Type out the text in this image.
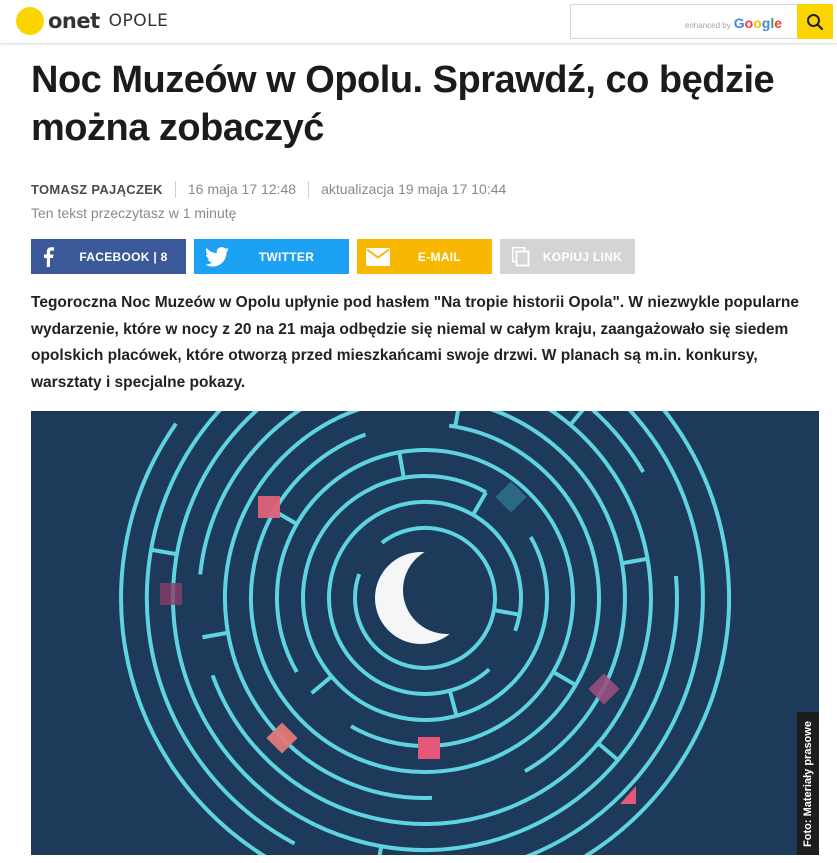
onet OPOLE	enhanced by Google
Noc Muzeów w Opolu. Sprawdź, co będzie można zobaczyć
TOMASZ PAJĄCZEK 16 maja 17 12:48 aktualizacja 19 maja 17 10:44
Ten tekst przeczytasz w 1 minutę
FACEBOOK | 8	TWITTER	E-MAIL	KOPIUJ LINK

Tegoroczna Noc Muzeów w Opolu upłynie pod hasłem "Na tropie historii Opola". W niezwykle popularne wydarzenie, które w nocy z 20 na 21 maja odbędzie się niemal w całym kraju, zaangażowało się siedem opolskich placówek, które otworzą przed mieszkańcami swoje drzwi. W planach są m.in. konkursy, warsztaty i specjalne pokazy.

Foto: Materiały prasowe
